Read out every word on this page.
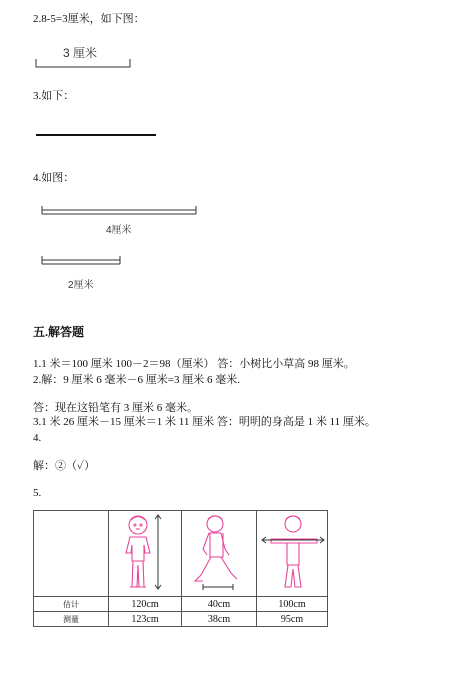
2.8-5=3厘米，如下图：
3 厘米
3.如下：
4.如图：
4厘米
2厘米
五.解答题
1.1 米＝100 厘米 100－2＝98（厘米） 答：小树比小草高 98 厘米。
2.解：9 厘米 6 毫米－6 厘米=3 厘米 6 毫米.
答：现在这铅笔有 3 厘米 6 毫米。
3.1 米 26 厘米－15 厘米＝1 米 11 厘米 答：明明的身高是 1 米 11 厘米。
4.
解：②（✓）
5.

估计	120cm	40cm	100cm
测量	123cm	38cm	95cm
